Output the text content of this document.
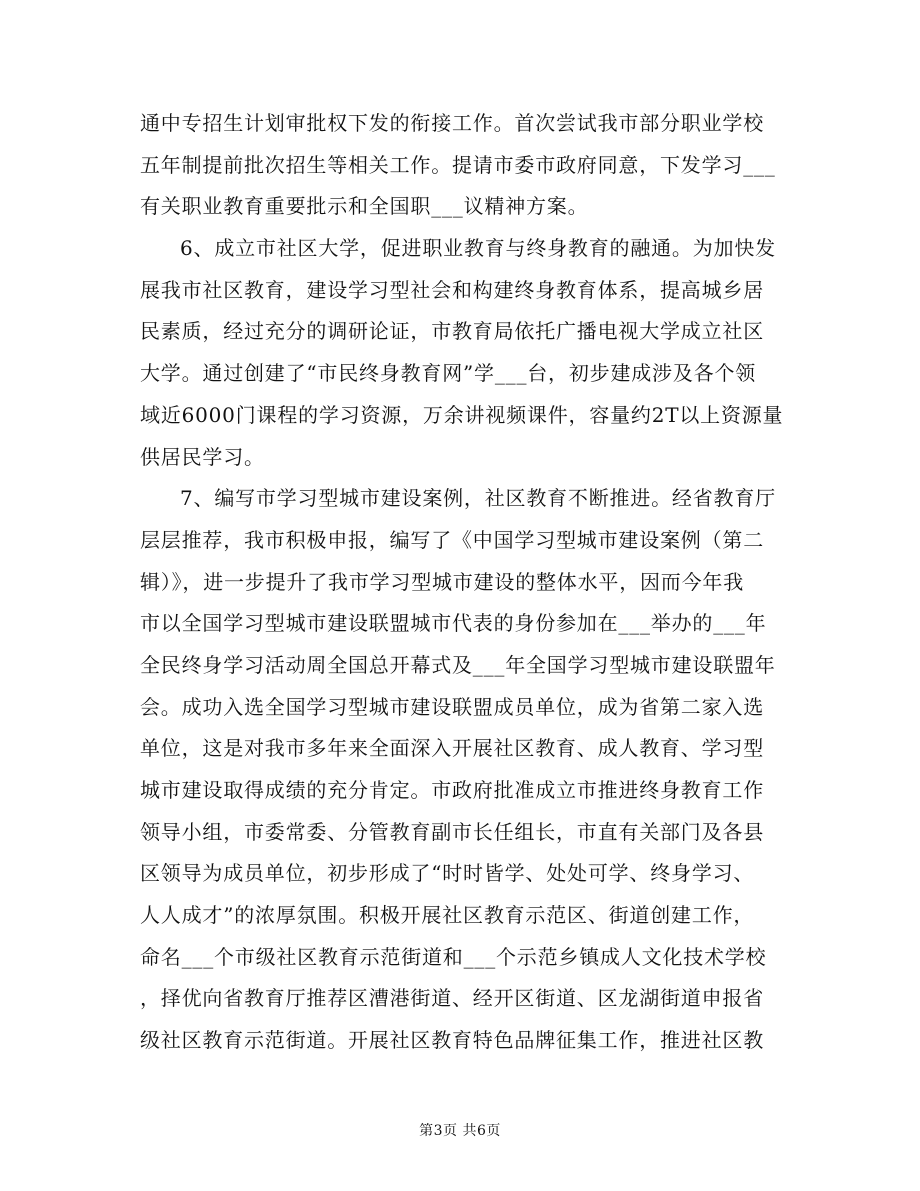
通中专招生计划审批权下发的衔接工作。首次尝试我市部分职业学校
五年制提前批次招生等相关工作。提请市委市政府同意，下发学习___
有关职业教育重要批示和全国职___议精神方案。
6、成立市社区大学，促进职业教育与终身教育的融通。为加快发
展我市社区教育，建设学习型社会和构建终身教育体系，提高城乡居
民素质，经过充分的调研论证，市教育局依托广播电视大学成立社区
大学。通过创建了“市民终身教育网”学___台，初步建成涉及各个领
域近6000门课程的学习资源，万余讲视频课件，容量约2T以上资源量
供居民学习。
7、编写市学习型城市建设案例，社区教育不断推进。经省教育厅
层层推荐，我市积极申报，编写了《中国学习型城市建设案例（第二
辑）》，进一步提升了我市学习型城市建设的整体水平，因而今年我
市以全国学习型城市建设联盟城市代表的身份参加在___举办的___年
全民终身学习活动周全国总开幕式及___年全国学习型城市建设联盟年
会。成功入选全国学习型城市建设联盟成员单位，成为省第二家入选
单位，这是对我市多年来全面深入开展社区教育、成人教育、学习型
城市建设取得成绩的充分肯定。市政府批准成立市推进终身教育工作
领导小组，市委常委、分管教育副市长任组长，市直有关部门及各县
区领导为成员单位，初步形成了“时时皆学、处处可学、终身学习、
人人成才”的浓厚氛围。积极开展社区教育示范区、街道创建工作，
命名___个市级社区教育示范街道和___个示范乡镇成人文化技术学校
，择优向省教育厅推荐区漕港街道、经开区街道、区龙湖街道申报省
级社区教育示范街道。开展社区教育特色品牌征集工作，推进社区教
第3页 共6页
